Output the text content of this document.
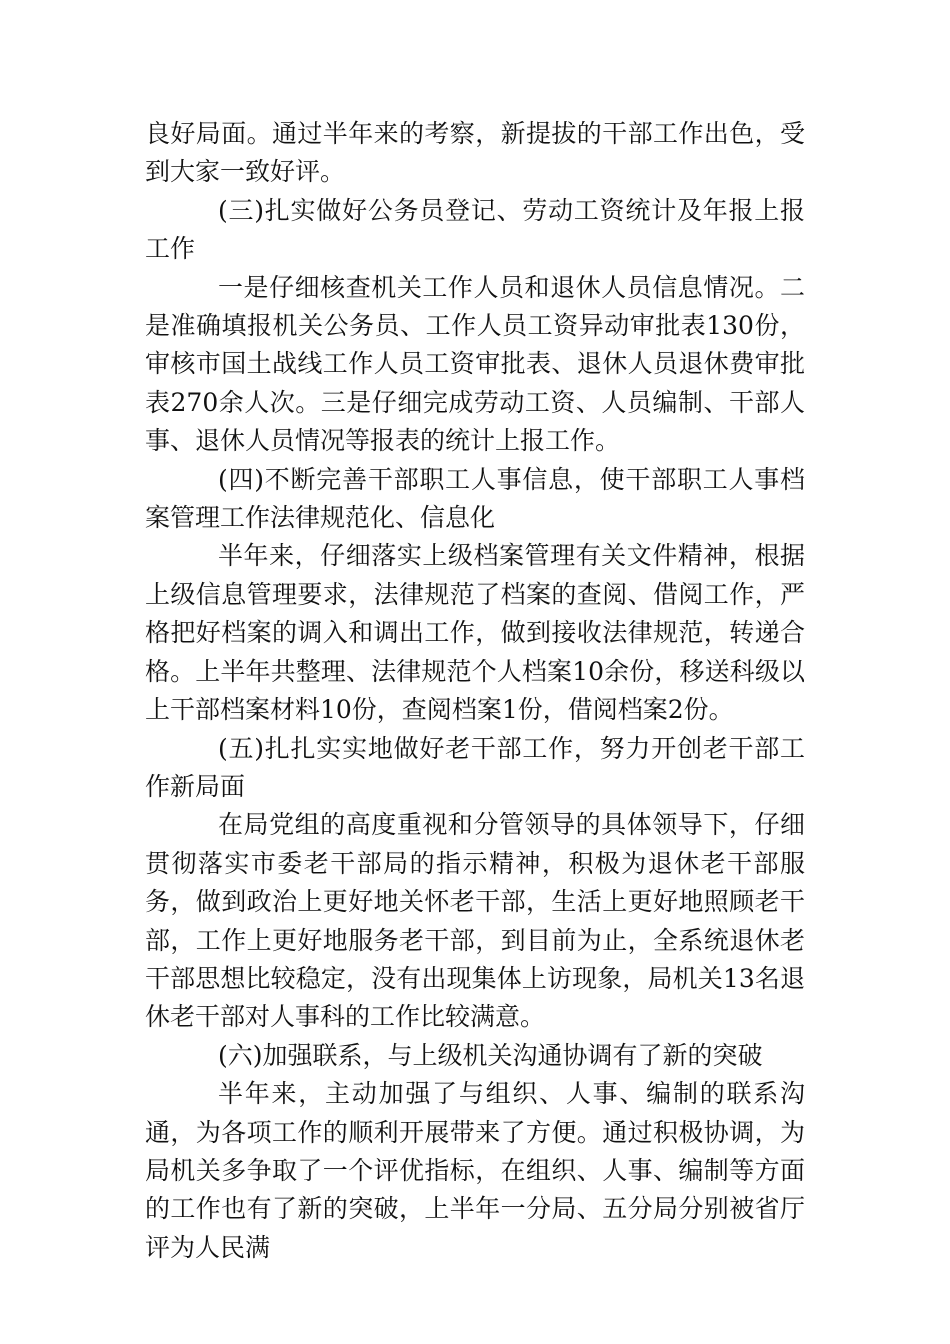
良好局面。通过半年来的考察，新提拔的干部工作出色，受到大家一致好评。

(三)扎实做好公务员登记、劳动工资统计及年报上报工作

一是仔细核查机关工作人员和退休人员信息情况。二是准确填报机关公务员、工作人员工资异动审批表130份，审核市国土战线工作人员工资审批表、退休人员退休费审批表270余人次。三是仔细完成劳动工资、人员编制、干部人事、退休人员情况等报表的统计上报工作。

(四)不断完善干部职工人事信息，使干部职工人事档案管理工作法律规范化、信息化

半年来，仔细落实上级档案管理有关文件精神，根据上级信息管理要求，法律规范了档案的查阅、借阅工作，严格把好档案的调入和调出工作，做到接收法律规范，转递合格。上半年共整理、法律规范个人档案10余份，移送科级以上干部档案材料10份，查阅档案1份，借阅档案2份。

(五)扎扎实实地做好老干部工作，努力开创老干部工作新局面

在局党组的高度重视和分管领导的具体领导下，仔细贯彻落实市委老干部局的指示精神，积极为退休老干部服务，做到政治上更好地关怀老干部，生活上更好地照顾老干部，工作上更好地服务老干部，到目前为止，全系统退休老干部思想比较稳定，没有出现集体上访现象，局机关13名退休老干部对人事科的工作比较满意。

(六)加强联系，与上级机关沟通协调有了新的突破

半年来，主动加强了与组织、人事、编制的联系沟通，为各项工作的顺利开展带来了方便。通过积极协调，为局机关多争取了一个评优指标，在组织、人事、编制等方面的工作也有了新的突破，上半年一分局、五分局分别被省厅评为人民满
